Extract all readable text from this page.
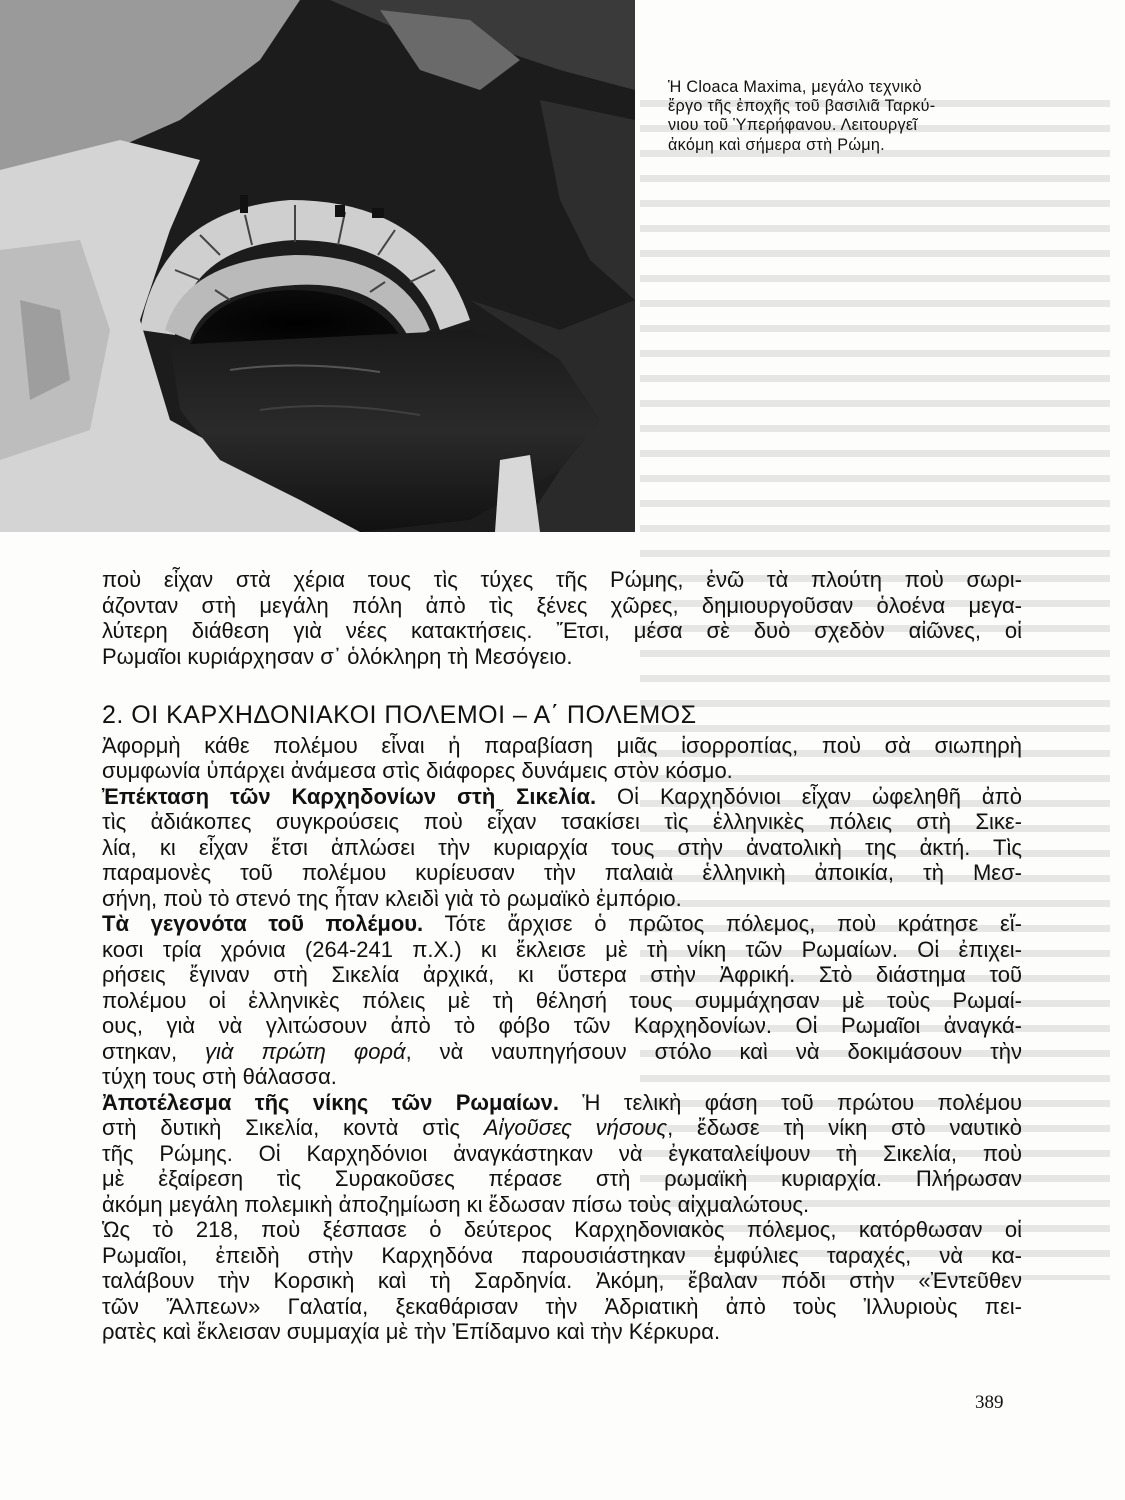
Ἡ Cloaca Maxima, μεγάλο τεχνικὸ
ἔργο τῆς ἐποχῆς τοῦ βασιλιᾶ Ταρκύ-
νιου τοῦ Ὑπερήφανου. Λειτουργεῖ
ἀκόμη καὶ σήμερα στὴ Ρώμη.

ποὺ εἶχαν στὰ χέρια τους τὶς τύχες τῆς Ρώμης, ἐνῶ τὰ πλούτη ποὺ σωρι-
άζονταν στὴ μεγάλη πόλη ἀπὸ τὶς ξένες χῶρες, δημιουργοῦσαν ὁλοένα μεγα-
λύτερη διάθεση γιὰ νέες κατακτήσεις. Ἔτσι, μέσα σὲ δυὸ σχεδὸν αἰῶνες, οἱ
Ρωμαῖοι κυριάρχησαν σ᾽ ὁλόκληρη τὴ Μεσόγειο.

2. ΟΙ ΚΑΡΧΗΔΟΝΙΑΚΟΙ ΠΟΛΕΜΟΙ – Α΄ ΠΟΛΕΜΟΣ

Ἀφορμὴ κάθε πολέμου εἶναι ἡ παραβίαση μιᾶς ἰσορροπίας, ποὺ σὰ σιωπηρὴ
συμφωνία ὑπάρχει ἀνάμεσα στὶς διάφορες δυνάμεις στὸν κόσμο.

Ἐπέκταση τῶν Καρχηδονίων στὴ Σικελία. Οἱ Καρχηδόνιοι εἶχαν ὠφεληθῆ ἀπὸ
τὶς ἀδιάκοπες συγκρούσεις ποὺ εἶχαν τσακίσει τὶς ἑλληνικὲς πόλεις στὴ Σικε-
λία, κι εἶχαν ἔτσι ἁπλώσει τὴν κυριαρχία τους στὴν ἀνατολικὴ της ἀκτή. Τὶς
παραμονὲς τοῦ πολέμου κυρίευσαν τὴν παλαιὰ ἑλληνικὴ ἀποικία, τὴ Μεσ-
σήνη, ποὺ τὸ στενό της ἦταν κλειδὶ γιὰ τὸ ρωμαϊκὸ ἐμπόριο.

Τὰ γεγονότα τοῦ πολέμου. Τότε ἄρχισε ὁ πρῶτος πόλεμος, ποὺ κράτησε εἴ-
κοσι τρία χρόνια (264-241 π.Χ.) κι ἔκλεισε μὲ τὴ νίκη τῶν Ρωμαίων. Οἱ ἐπιχει-
ρήσεις ἔγιναν στὴ Σικελία ἀρχικά, κι ὕστερα στὴν Ἀφρική. Στὸ διάστημα τοῦ
πολέμου οἱ ἑλληνικὲς πόλεις μὲ τὴ θέλησή τους συμμάχησαν μὲ τοὺς Ρωμαί-
ους, γιὰ νὰ γλιτώσουν ἀπὸ τὸ φόβο τῶν Καρχηδονίων. Οἱ Ρωμαῖοι ἀναγκά-
στηκαν, γιὰ πρώτη φορά, νὰ ναυπηγήσουν στόλο καὶ νὰ δοκιμάσουν τὴν
τύχη τους στὴ θάλασσα.

Ἀποτέλεσμα τῆς νίκης τῶν Ρωμαίων. Ἡ τελικὴ φάση τοῦ πρώτου πολέμου
στὴ δυτικὴ Σικελία, κοντὰ στὶς Αἰγοῦσες νήσους, ἔδωσε τὴ νίκη στὸ ναυτικὸ
τῆς Ρώμης. Οἱ Καρχηδόνιοι ἀναγκάστηκαν νὰ ἐγκαταλείψουν τὴ Σικελία, ποὺ
μὲ ἐξαίρεση τὶς Συρακοῦσες πέρασε στὴ ρωμαϊκὴ κυριαρχία. Πλήρωσαν
ἀκόμη μεγάλη πολεμικὴ ἀποζημίωση κι ἔδωσαν πίσω τοὺς αἰχμαλώτους.

Ὡς τὸ 218, ποὺ ξέσπασε ὁ δεύτερος Καρχηδονιακὸς πόλεμος, κατόρθωσαν οἱ
Ρωμαῖοι, ἐπειδὴ στὴν Καρχηδόνα παρουσιάστηκαν ἐμφύλιες ταραχές, νὰ κα-
ταλάβουν τὴν Κορσικὴ καὶ τὴ Σαρδηνία. Ἀκόμη, ἔβαλαν πόδι στὴν «Ἐντεῦθεν
τῶν Ἄλπεων» Γαλατία, ξεκαθάρισαν τὴν Ἀδριατικὴ ἀπὸ τοὺς Ἰλλυριοὺς πει-
ρατὲς καὶ ἔκλεισαν συμμαχία μὲ τὴν Ἐπίδαμνο καὶ τὴν Κέρκυρα.

389
